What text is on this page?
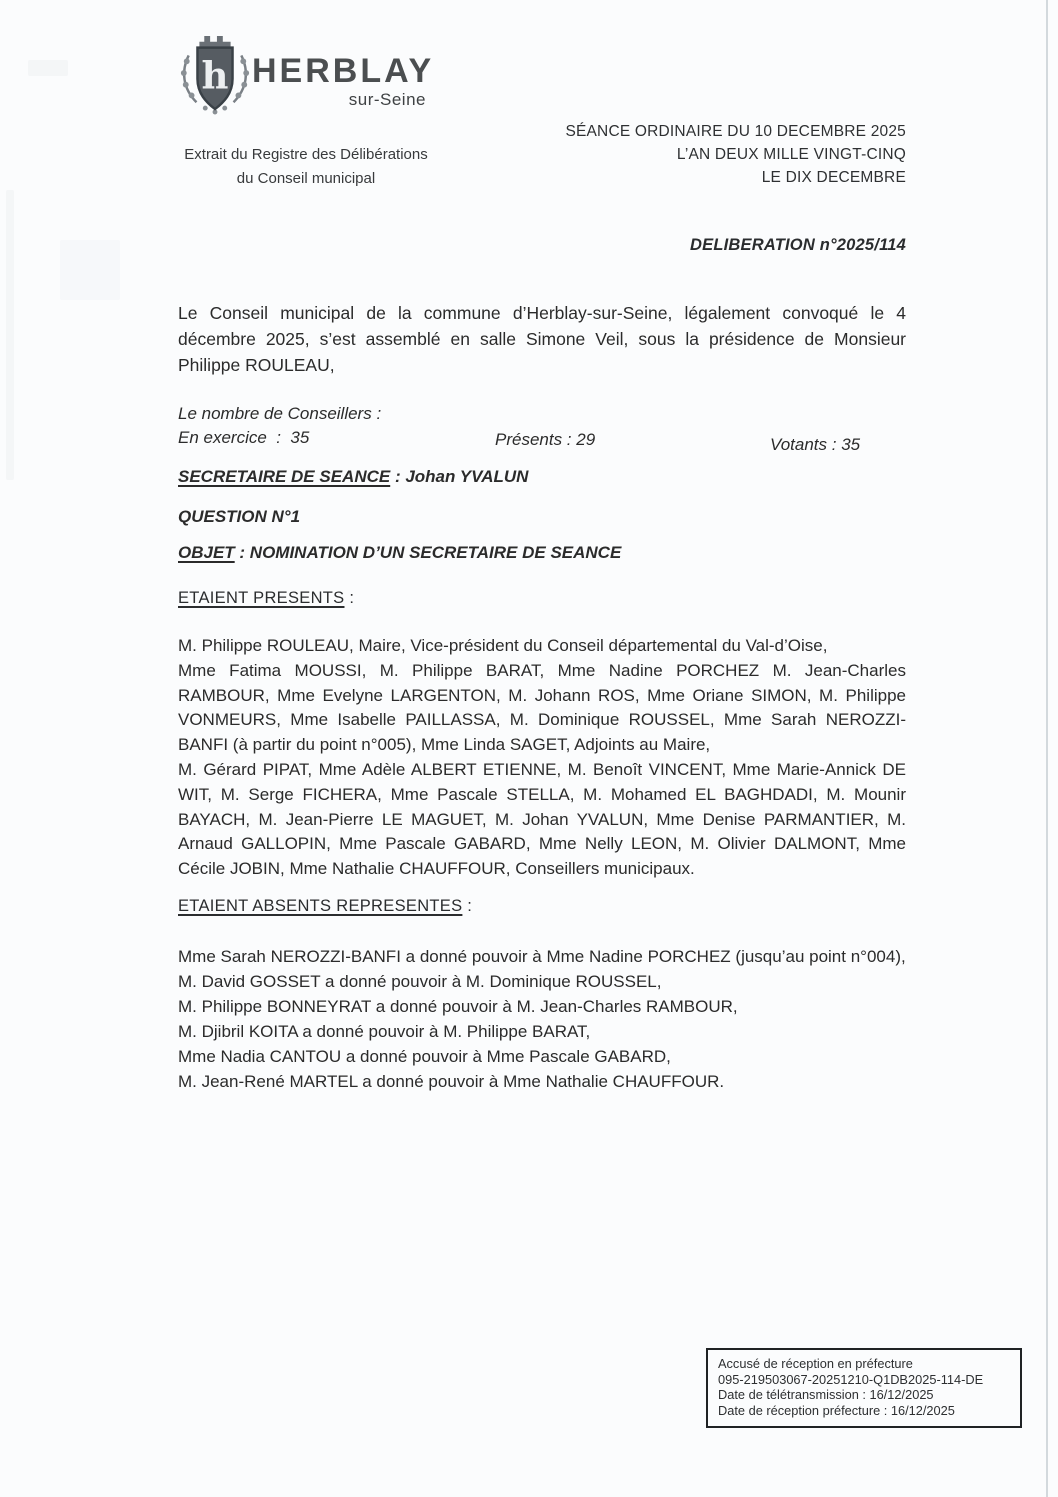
h HERBLAY
sur-Seine
Extrait du Registre des Délibérations
du Conseil municipal
SÉANCE ORDINAIRE DU 10 DECEMBRE 2025
L’AN DEUX MILLE VINGT-CINQ
LE DIX DECEMBRE
DELIBERATION n°2025/114

Le Conseil municipal de la commune d’Herblay-sur-Seine, légalement convoqué le 4 décembre 2025, s’est assemblé en salle Simone Veil, sous la présidence de Monsieur Philippe ROULEAU,

Le nombre de Conseillers :
En exercice  :  35	Présents : 29	Votants : 35
SECRETAIRE DE SEANCE : Johan YVALUN
QUESTION N°1
OBJET : NOMINATION D’UN SECRETAIRE DE SEANCE
ETAIENT PRESENTS :

M. Philippe ROULEAU, Maire, Vice-président du Conseil départemental du Val-d’Oise,

Mme Fatima MOUSSI, M. Philippe BARAT, Mme Nadine PORCHEZ M. Jean-Charles RAMBOUR, Mme Evelyne LARGENTON, M. Johann ROS, Mme Oriane SIMON, M. Philippe VONMEURS, Mme Isabelle PAILLASSA, M. Dominique ROUSSEL, Mme Sarah NEROZZI-BANFI (à partir du point n°005), Mme Linda SAGET, Adjoints au Maire,

M. Gérard PIPAT, Mme Adèle ALBERT ETIENNE, M. Benoît VINCENT, Mme Marie-Annick DE WIT, M. Serge FICHERA, Mme Pascale STELLA, M. Mohamed EL BAGHDADI, M. Mounir BAYACH, M. Jean-Pierre LE MAGUET, M. Johan YVALUN, Mme Denise PARMANTIER, M. Arnaud GALLOPIN, Mme Pascale GABARD, Mme Nelly LEON, M. Olivier DALMONT, Mme Cécile JOBIN, Mme Nathalie CHAUFFOUR, Conseillers municipaux.

ETAIENT ABSENTS REPRESENTES :

Mme Sarah NEROZZI-BANFI a donné pouvoir à Mme Nadine PORCHEZ (jusqu’au point n°004),

M. David GOSSET a donné pouvoir à M. Dominique ROUSSEL,

M. Philippe BONNEYRAT a donné pouvoir à M. Jean-Charles RAMBOUR,

M. Djibril KOITA a donné pouvoir à M. Philippe BARAT,

Mme Nadia CANTOU a donné pouvoir à Mme Pascale GABARD,

M. Jean-René MARTEL a donné pouvoir à Mme Nathalie CHAUFFOUR.

Accusé de réception en préfecture
095-219503067-20251210-Q1DB2025-114-DE
Date de télétransmission : 16/12/2025
Date de réception préfecture : 16/12/2025
